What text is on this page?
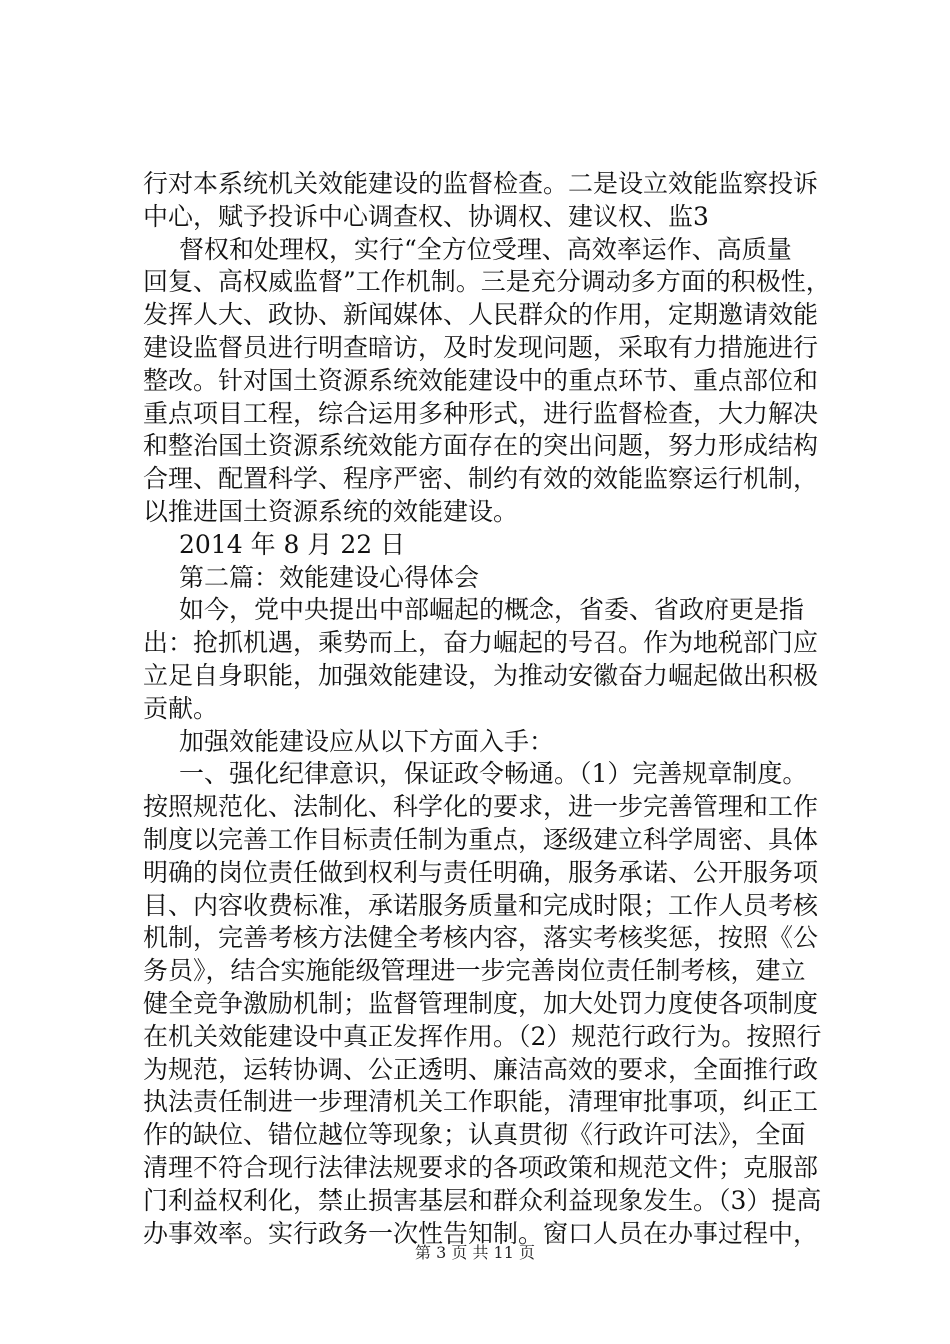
行对本系统机关效能建设的监督检查。二是设立效能监察投诉
中心，赋予投诉中心调查权、协调权、建议权、监3
督权和处理权，实行“全方位受理、高效率运作、高质量
回复、高权威监督”工作机制。三是充分调动多方面的积极性，
发挥人大、政协、新闻媒体、人民群众的作用，定期邀请效能
建设监督员进行明查暗访，及时发现问题，采取有力措施进行
整改。针对国土资源系统效能建设中的重点环节、重点部位和
重点项目工程，综合运用多种形式，进行监督检查，大力解决
和整治国土资源系统效能方面存在的突出问题，努力形成结构
合理、配置科学、程序严密、制约有效的效能监察运行机制，
以推进国土资源系统的效能建设。
2014 年 8 月 22 日
第二篇：效能建设心得体会
如今，党中央提出中部崛起的概念，省委、省政府更是指
出：抢抓机遇，乘势而上，奋力崛起的号召。作为地税部门应
立足自身职能，加强效能建设，为推动安徽奋力崛起做出积极
贡献。
加强效能建设应从以下方面入手：
一、强化纪律意识，保证政令畅通。（1）完善规章制度。
按照规范化、法制化、科学化的要求，进一步完善管理和工作
制度以完善工作目标责任制为重点，逐级建立科学周密、具体
明确的岗位责任做到权利与责任明确，服务承诺、公开服务项
目、内容收费标准，承诺服务质量和完成时限；工作人员考核
机制，完善考核方法健全考核内容，落实考核奖惩，按照《公
务员》，结合实施能级管理进一步完善岗位责任制考核，建立
健全竞争激励机制；监督管理制度，加大处罚力度使各项制度
在机关效能建设中真正发挥作用。（2）规范行政行为。按照行
为规范，运转协调、公正透明、廉洁高效的要求，全面推行政
执法责任制进一步理清机关工作职能，清理审批事项，纠正工
作的缺位、错位越位等现象；认真贯彻《行政许可法》，全面
清理不符合现行法律法规要求的各项政策和规范文件；克服部
门利益权利化，禁止损害基层和群众利益现象发生。（3）提高
办事效率。实行政务一次性告知制。窗口人员在办事过程中，
第 3 页 共 11 页
